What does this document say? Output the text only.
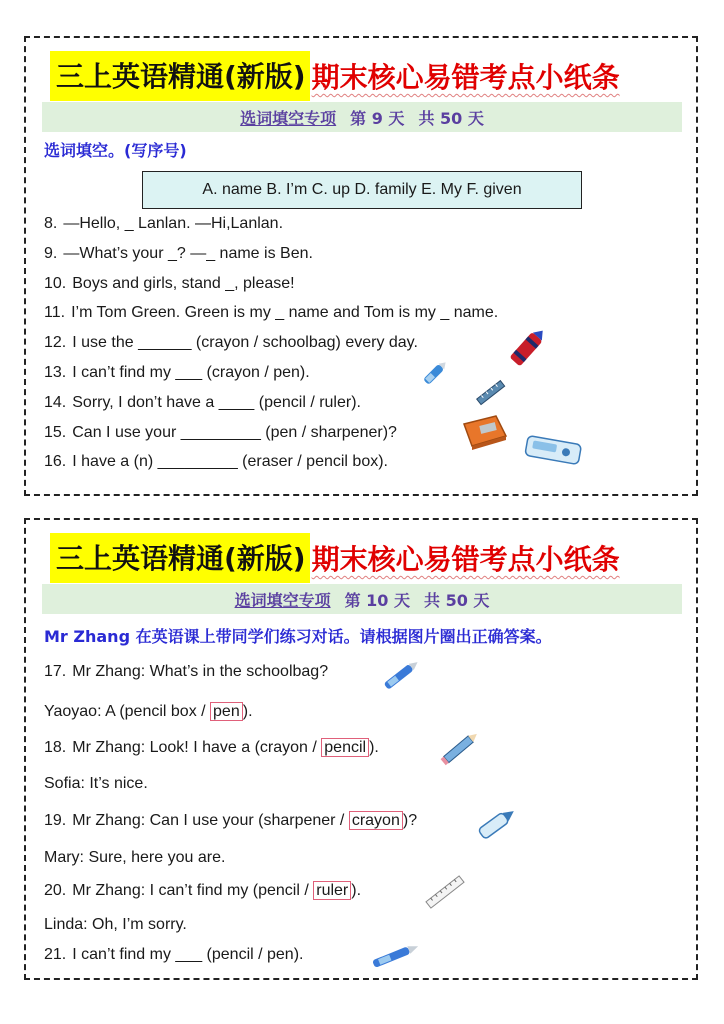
三上英语精通(新版) 期末核心易错考点小纸条
选词填空专项 第 9 天 共 50 天
选词填空。(写序号)
A. name B. I’m C. up D. family E. My F. given
8. —Hello, _ Lanlan. —Hi,Lanlan.
9. —What’s your _? —_ name is Ben.
10. Boys and girls, stand _, please!
11. I’m Tom Green. Green is my _ name and Tom is my _ name.
12. I use the ______ (crayon / schoolbag) every day.
13. I can’t find my ___ (crayon / pen).
14. Sorry, I don’t have a ____ (pencil / ruler).
15. Can I use your _________ (pen / sharpener)?
16. I have a (n) _________ (eraser / pencil box).
三上英语精通(新版) 期末核心易错考点小纸条
选词填空专项 第 10 天 共 50 天
Mr Zhang 在英语课上带同学们练习对话。请根据图片圈出正确答案。
17. Mr Zhang: What’s in the schoolbag?
Yaoyao: A (pencil box / pen ).
18. Mr Zhang: Look! I have a (crayon / pencil ).
Sofia: It’s nice.
19. Mr Zhang: Can I use your (sharpener / crayon )?
Mary: Sure, here you are.
20. Mr Zhang: I can’t find my (pencil / ruler ).
Linda: Oh, I’m sorry.
21. I can’t find my ___ (pencil / pen).
